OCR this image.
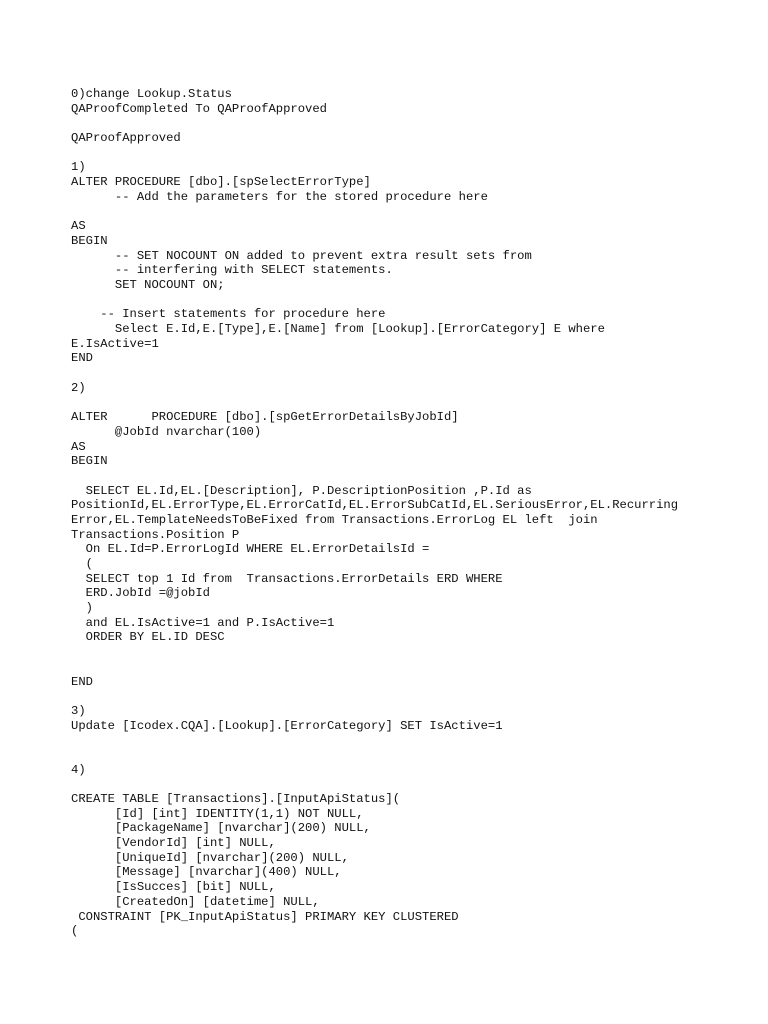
0)change Lookup.Status
QAProofCompleted To QAProofApproved
QAProofApproved
1)
ALTER PROCEDURE [dbo].[spSelectErrorType]
-- Add the parameters for the stored procedure here
AS
BEGIN
-- SET NOCOUNT ON added to prevent extra result sets from
-- interfering with SELECT statements.
SET NOCOUNT ON;
-- Insert statements for procedure here
Select E.Id,E.[Type],E.[Name] from [Lookup].[ErrorCategory] E where
E.IsActive=1
END
2)
ALTER      PROCEDURE [dbo].[spGetErrorDetailsByJobId]
@JobId nvarchar(100)
AS
BEGIN
SELECT EL.Id,EL.[Description], P.DescriptionPosition ,P.Id as
PositionId,EL.ErrorType,EL.ErrorCatId,EL.ErrorSubCatId,EL.SeriousError,EL.Recurring
Error,EL.TemplateNeedsToBeFixed from Transactions.ErrorLog EL left  join
Transactions.Position P
On EL.Id=P.ErrorLogId WHERE EL.ErrorDetailsId =
(
SELECT top 1 Id from  Transactions.ErrorDetails ERD WHERE
ERD.JobId =@jobId
)
and EL.IsActive=1 and P.IsActive=1
ORDER BY EL.ID DESC
END
3)
Update [Icodex.CQA].[Lookup].[ErrorCategory] SET IsActive=1
4)
CREATE TABLE [Transactions].[InputApiStatus](
[Id] [int] IDENTITY(1,1) NOT NULL,
[PackageName] [nvarchar](200) NULL,
[VendorId] [int] NULL,
[UniqueId] [nvarchar](200) NULL,
[Message] [nvarchar](400) NULL,
[IsSucces] [bit] NULL,
[CreatedOn] [datetime] NULL,
CONSTRAINT [PK_InputApiStatus] PRIMARY KEY CLUSTERED
(
